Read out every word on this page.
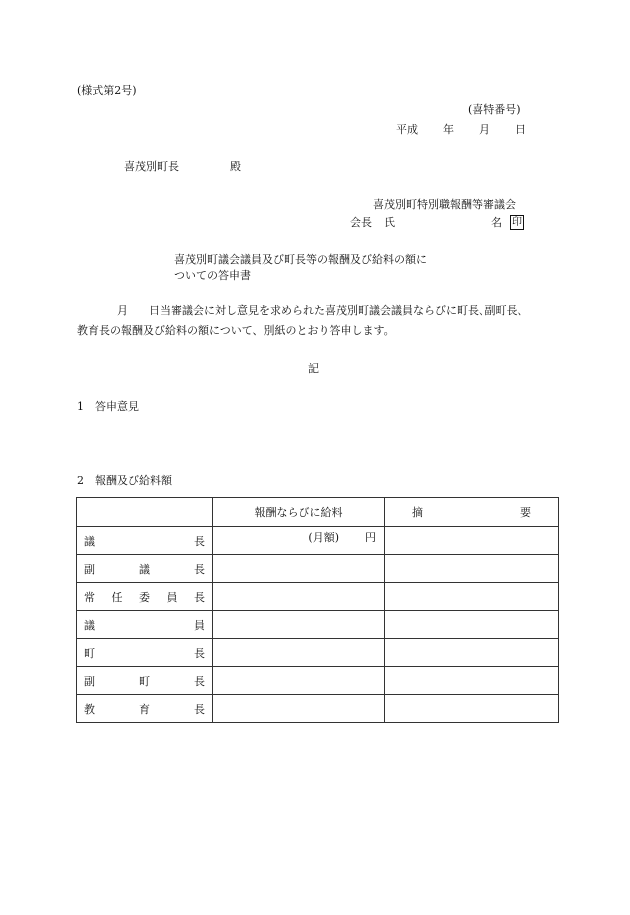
(様式第2号)
(喜特番号)
平成 年 月 日
喜茂別町長	殿
喜茂別町特別職報酬等審議会
会長 氏	名 印
喜茂別町議会議員及び町長等の報酬及び給料の額に
ついての答申書
月 日当審議会に対し意見を求められた喜茂別町議会議員ならびに町長､副町長､
教育長の報酬及び給料の額について、別紙のとおり答申します。
記
1　答申意見
2　報酬及び給料額
	報酬ならびに給料	摘 要

議 長	(月額) 円	

副 議 長		

常 任 委 員 長		

議 員		

町 長		

副 町 長		

教 育 長		
